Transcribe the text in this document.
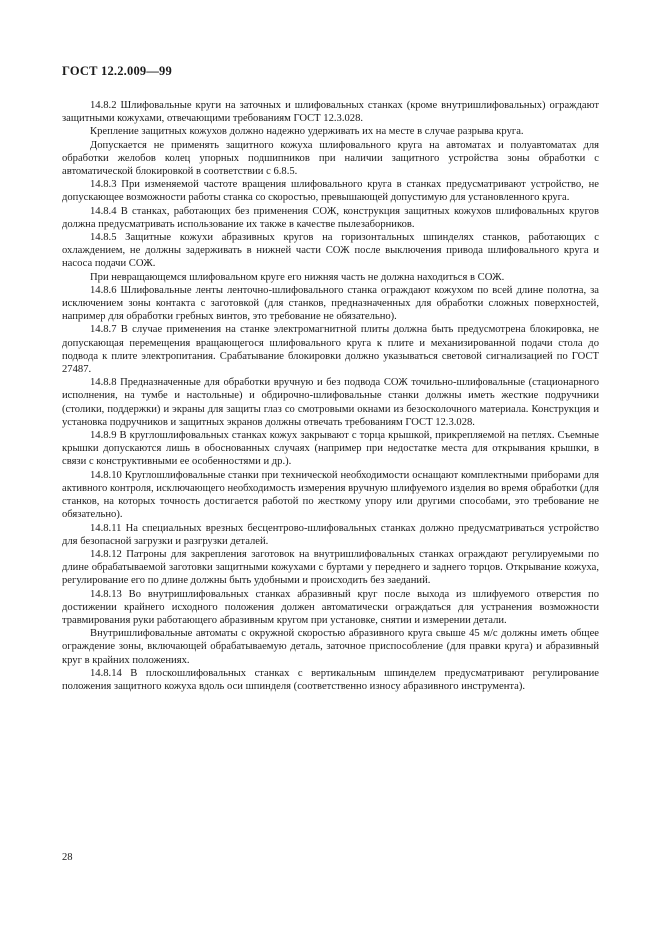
ГОСТ 12.2.009—99

14.8.2 Шлифовальные круги на заточных и шлифовальных станках (кроме внутришлифовальных) ограждают защитными кожухами, отвечающими требованиям ГОСТ 12.3.028.

Крепление защитных кожухов должно надежно удерживать их на месте в случае разрыва круга.

Допускается не применять защитного кожуха шлифовального круга на автоматах и полуавтоматах для обработки желобов колец упорных подшипников при наличии защитного устройства зоны обработки с автоматической блокировкой в соответствии с 6.8.5.

14.8.3 При изменяемой частоте вращения шлифовального круга в станках предусматривают устройство, не допускающее возможности работы станка со скоростью, превышающей допустимую для установленного круга.

14.8.4 В станках, работающих без применения СОЖ, конструкция защитных кожухов шлифовальных кругов должна предусматривать использование их также в качестве пылезаборников.

14.8.5 Защитные кожухи абразивных кругов на горизонтальных шпинделях станков, работающих с охлаждением, не должны задерживать в нижней части СОЖ после выключения привода шлифовального круга и насоса подачи СОЖ.

При невращающемся шлифовальном круге его нижняя часть не должна находиться в СОЖ.

14.8.6 Шлифовальные ленты ленточно-шлифовального станка ограждают кожухом по всей длине полотна, за исключением зоны контакта с заготовкой (для станков, предназначенных для обработки сложных поверхностей, например для обработки гребных винтов, это требование не обязательно).

14.8.7 В случае применения на станке электромагнитной плиты должна быть предусмотрена блокировка, не допускающая перемещения вращающегося шлифовального круга к плите и механизированной подачи стола до подвода к плите электропитания. Срабатывание блокировки должно указываться световой сигнализацией по ГОСТ 27487.

14.8.8 Предназначенные для обработки вручную и без подвода СОЖ точильно-шлифовальные (стационарного исполнения, на тумбе и настольные) и обдирочно-шлифовальные станки должны иметь жесткие подручники (столики, поддержки) и экраны для защиты глаз со смотровыми окнами из безосколочного материала. Конструкция и установка подручников и защитных экранов должны отвечать требованиям ГОСТ 12.3.028.

14.8.9 В круглошлифовальных станках кожух закрывают с торца крышкой, прикрепляемой на петлях. Съемные крышки допускаются лишь в обоснованных случаях (например при недостатке места для открывания крышки, в связи с конструктивными ее особенностями и др.).

14.8.10 Круглошлифовальные станки при технической необходимости оснащают комплектными приборами для активного контроля, исключающего необходимость измерения вручную шлифуемого изделия во время обработки (для станков, на которых точность достигается работой по жесткому упору или другими способами, это требование не обязательно).

14.8.11 На специальных врезных бесцентрово-шлифовальных станках должно предусматриваться устройство для безопасной загрузки и разгрузки деталей.

14.8.12 Патроны для закрепления заготовок на внутришлифовальных станках ограждают регулируемыми по длине обрабатываемой заготовки защитными кожухами с буртами у переднего и заднего торцов. Открывание кожуха, регулирование его по длине должны быть удобными и происходить без заеданий.

14.8.13 Во внутришлифовальных станках абразивный круг после выхода из шлифуемого отверстия по достижении крайнего исходного положения должен автоматически ограждаться для устранения возможности травмирования руки работающего абразивным кругом при установке, снятии и измерении детали.

Внутришлифовальные автоматы с окружной скоростью абразивного круга свыше 45 м/с должны иметь общее ограждение зоны, включающей обрабатываемую деталь, заточное приспособление (для правки круга) и абразивный круг в крайних положениях.

14.8.14 В плоскошлифовальных станках с вертикальным шпинделем предусматривают регулирование положения защитного кожуха вдоль оси шпинделя (соответственно износу абразивного инструмента).

28
